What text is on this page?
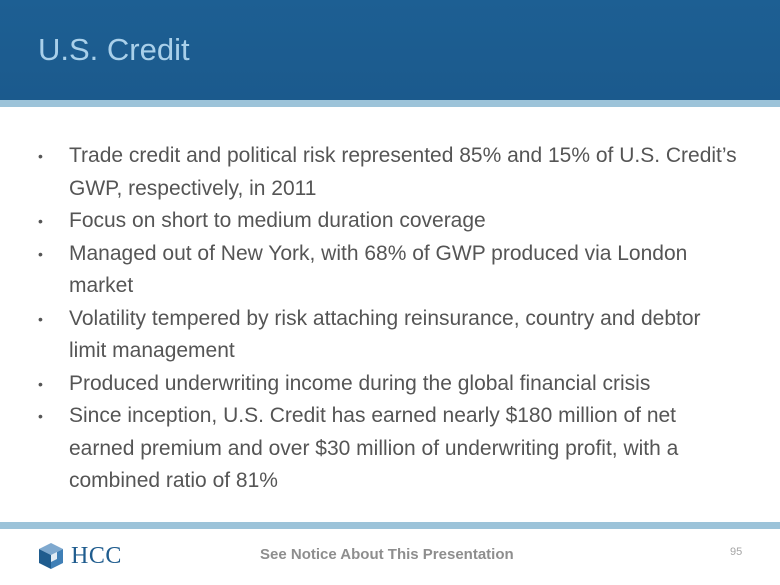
U.S. Credit
• Trade credit and political risk represented 85% and 15% of U.S. Credit’s GWP, respectively, in 2011
• Focus on short to medium duration coverage
• Managed out of New York, with 68% of GWP produced via London market
• Volatility tempered by risk attaching reinsurance, country and debtor limit management
• Produced underwriting income during the global financial crisis
• Since inception, U.S. Credit has earned nearly $180 million of net earned premium and over $30 million of underwriting profit, with a combined ratio of 81%
HCC	See Notice About This Presentation	95
